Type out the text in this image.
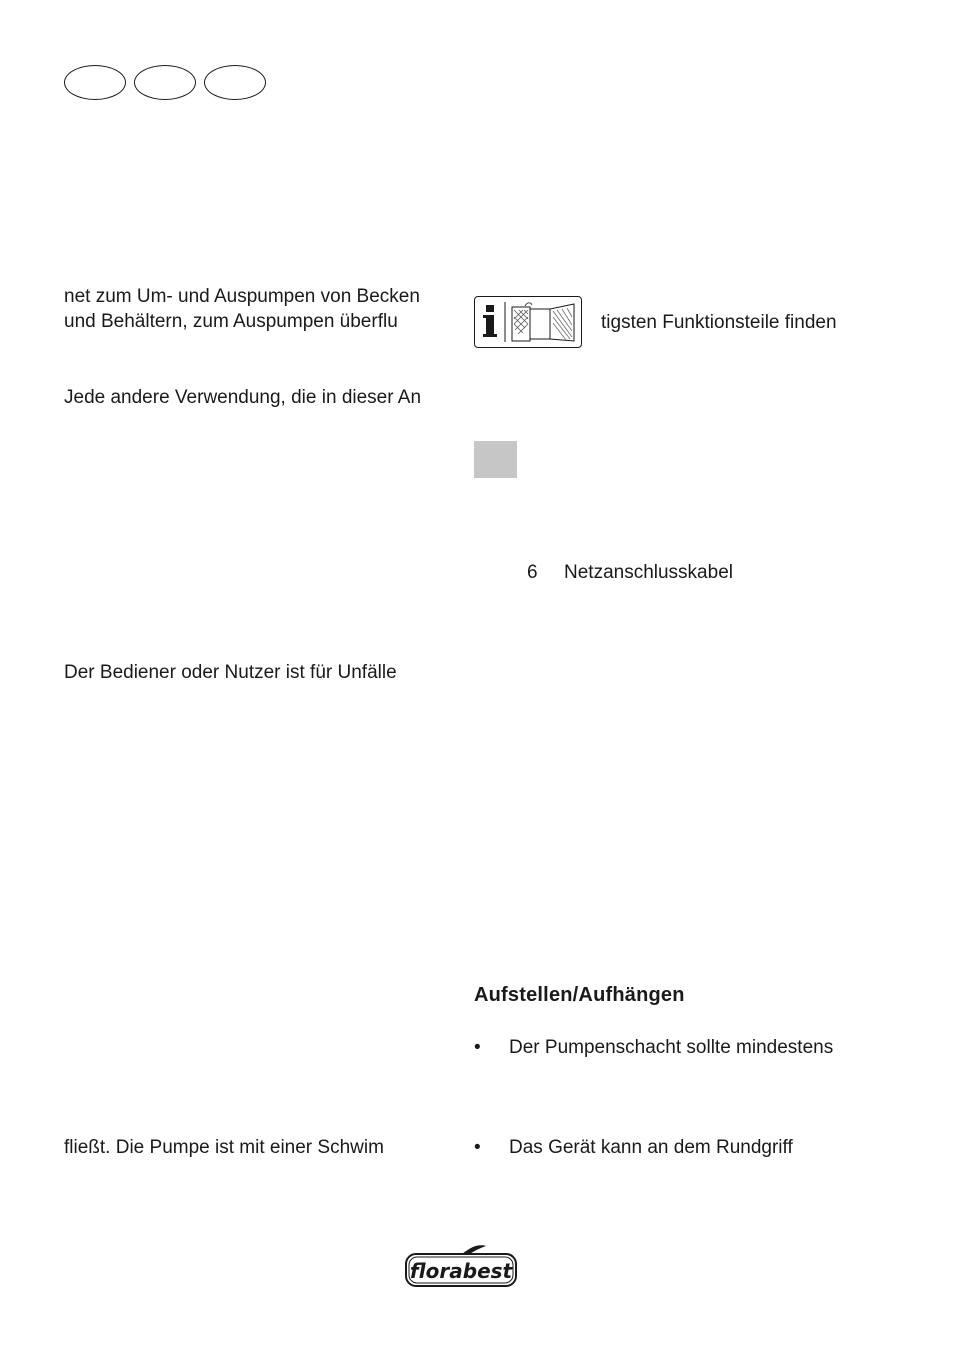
net zum Um- und Auspumpen von Becken
und Behältern, zum Auspumpen überflu
Jede andere Verwendung, die in dieser An
Der Bediener oder Nutzer ist für Unfälle
fließt. Die Pumpe ist mit einer Schwim
tigsten Funktionsteile finden
6 Netzanschlusskabel
Aufstellen/Aufhängen
• Der Pumpenschacht sollte mindestens
• Das Gerät kann an dem Rundgriff
florabest
